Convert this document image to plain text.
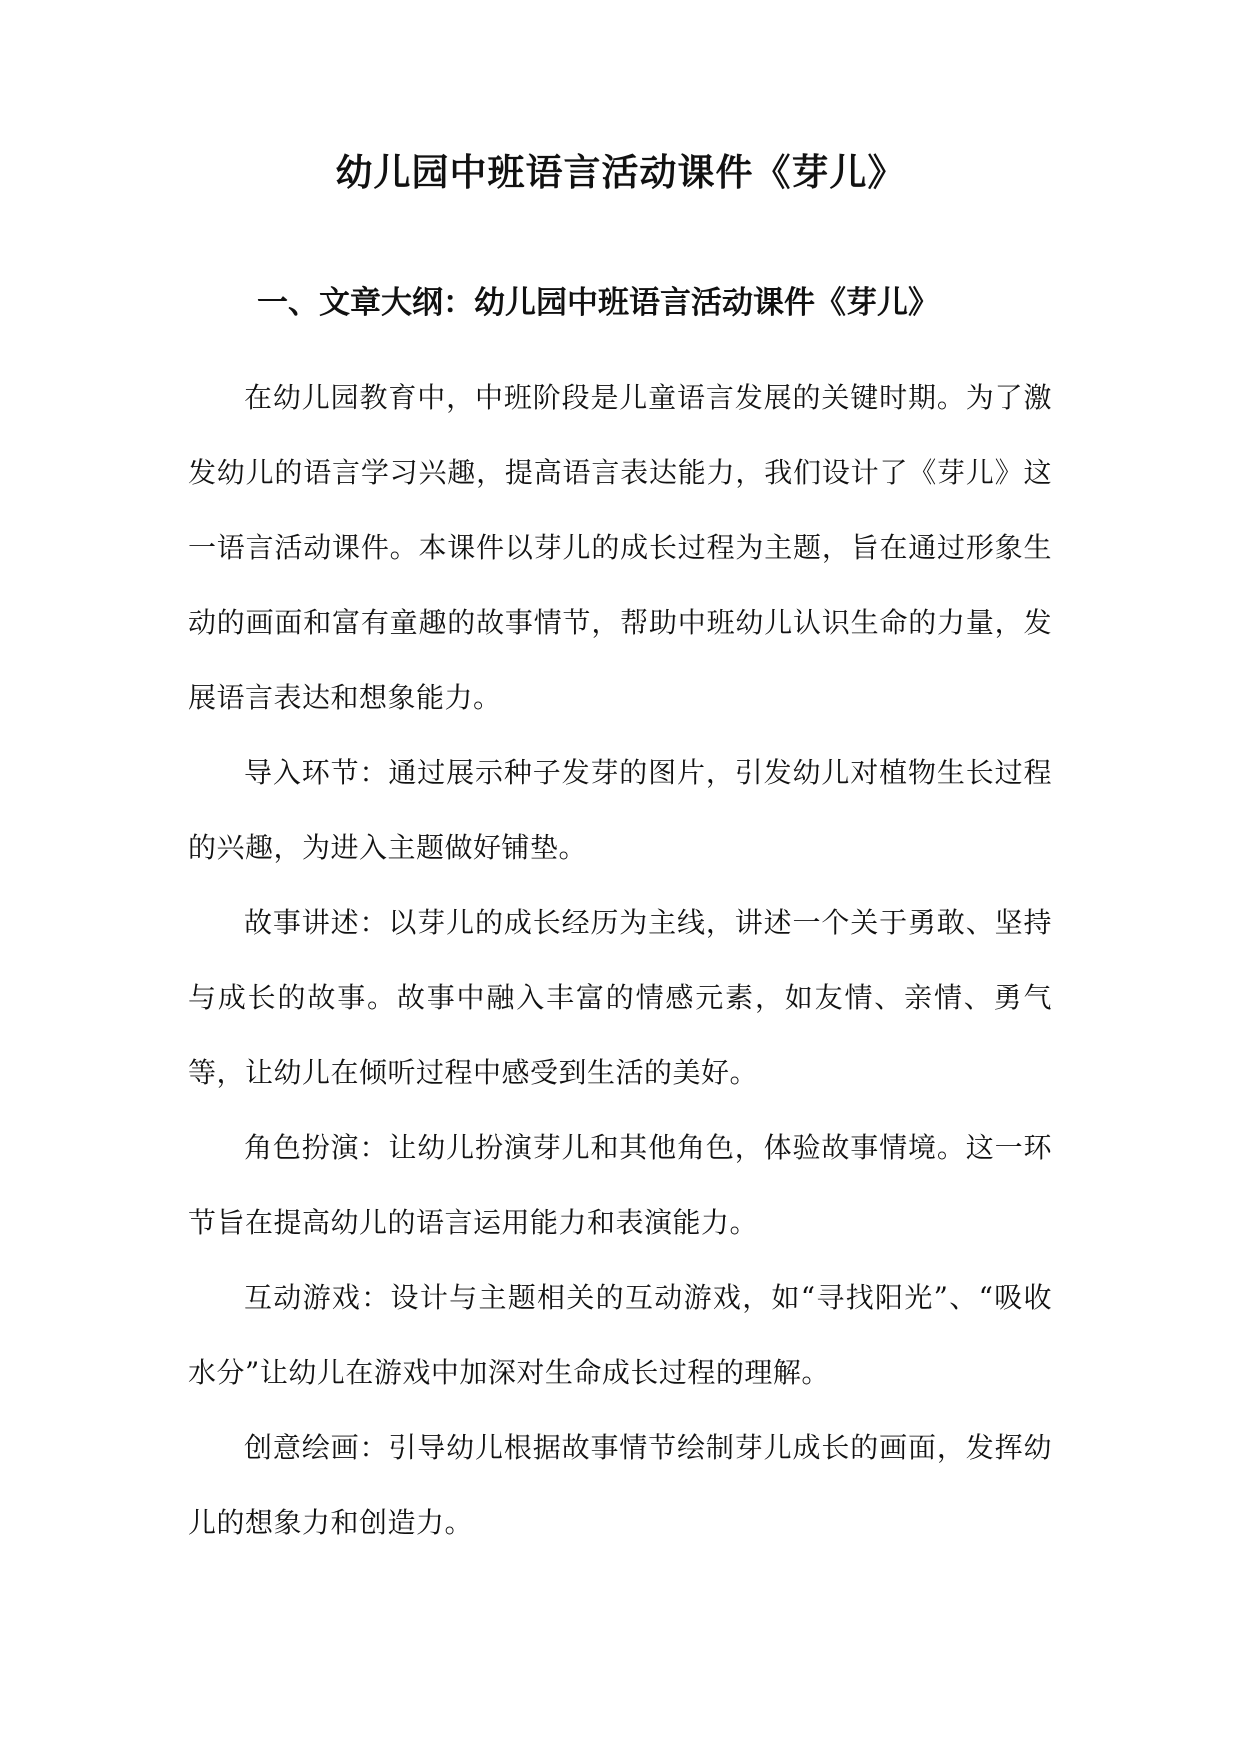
幼儿园中班语言活动课件《芽儿》
一、文章大纲：幼儿园中班语言活动课件《芽儿》

在幼儿园教育中，中班阶段是儿童语言发展的关键时期。为了激发幼儿的语言学习兴趣，提高语言表达能力，我们设计了《芽儿》这一语言活动课件。本课件以芽儿的成长过程为主题，旨在通过形象生动的画面和富有童趣的故事情节，帮助中班幼儿认识生命的力量，发展语言表达和想象能力。

导入环节：通过展示种子发芽的图片，引发幼儿对植物生长过程的兴趣，为进入主题做好铺垫。

故事讲述：以芽儿的成长经历为主线，讲述一个关于勇敢、坚持与成长的故事。故事中融入丰富的情感元素，如友情、亲情、勇气等，让幼儿在倾听过程中感受到生活的美好。

角色扮演：让幼儿扮演芽儿和其他角色，体验故事情境。这一环节旨在提高幼儿的语言运用能力和表演能力。

互动游戏：设计与主题相关的互动游戏，如“寻找阳光”、“吸收水分”让幼儿在游戏中加深对生命成长过程的理解。

创意绘画：引导幼儿根据故事情节绘制芽儿成长的画面，发挥幼儿的想象力和创造力。
